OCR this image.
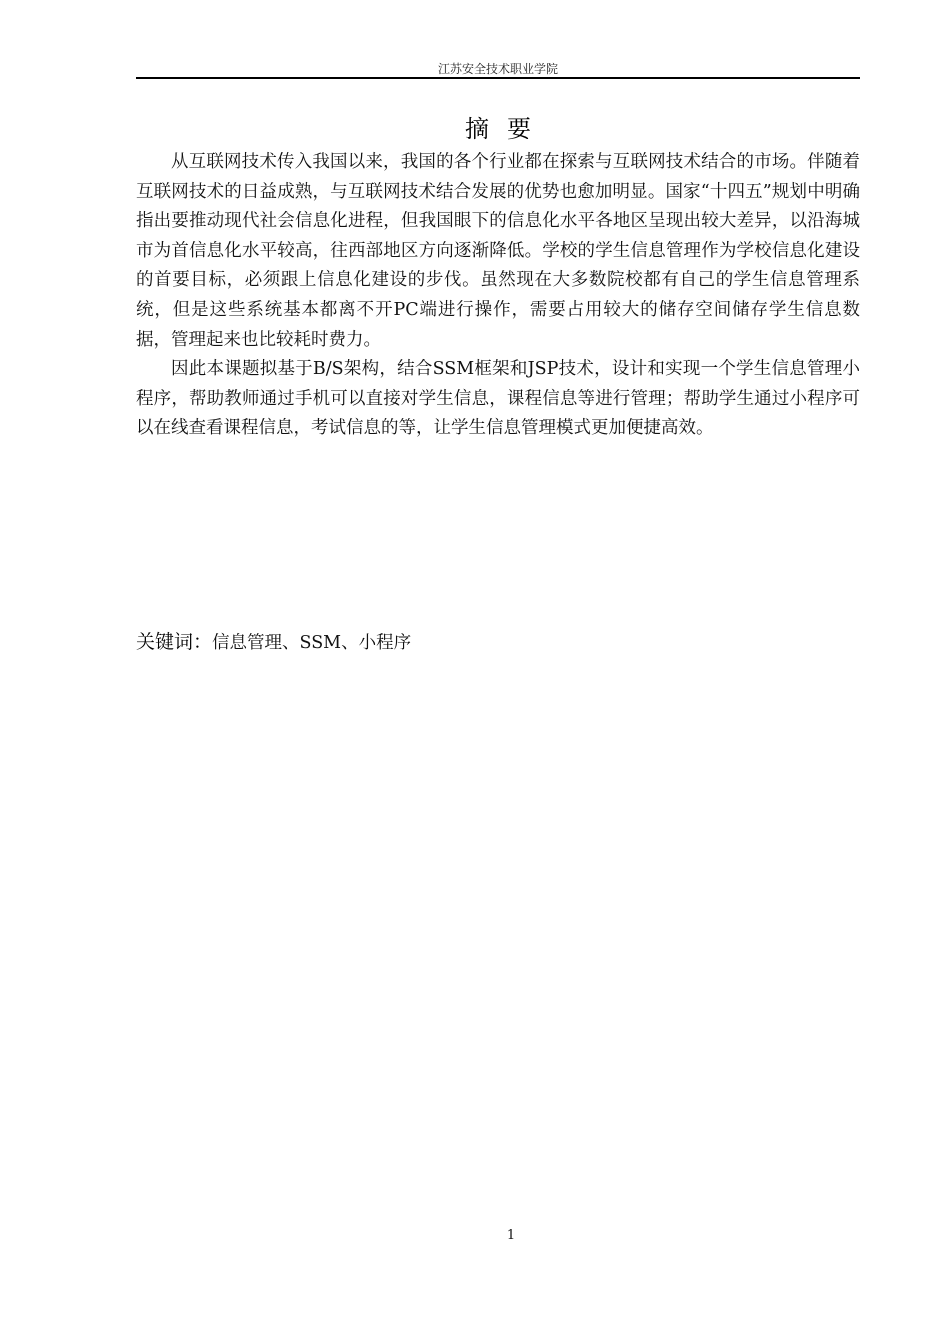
江苏安全技术职业学院
摘要

从互联网技术传入我国以来，我国的各个行业都在探索与互联网技术结合的市场。伴随着互联网技术的日益成熟，与互联网技术结合发展的优势也愈加明显。国家“十四五”规划中明确指出要推动现代社会信息化进程，但我国眼下的信息化水平各地区呈现出较大差异，以沿海城市为首信息化水平较高，往西部地区方向逐渐降低。学校的学生信息管理作为学校信息化建设的首要目标，必须跟上信息化建设的步伐。虽然现在大多数院校都有自己的学生信息管理系统，但是这些系统基本都离不开PC端进行操作，需要占用较大的储存空间储存学生信息数据，管理起来也比较耗时费力。

因此本课题拟基于B/S架构，结合SSM框架和JSP技术，设计和实现一个学生信息管理小程序，帮助教师通过手机可以直接对学生信息，课程信息等进行管理；帮助学生通过小程序可以在线查看课程信息，考试信息的等，让学生信息管理模式更加便捷高效。

关键词：信息管理、SSM、小程序
1
